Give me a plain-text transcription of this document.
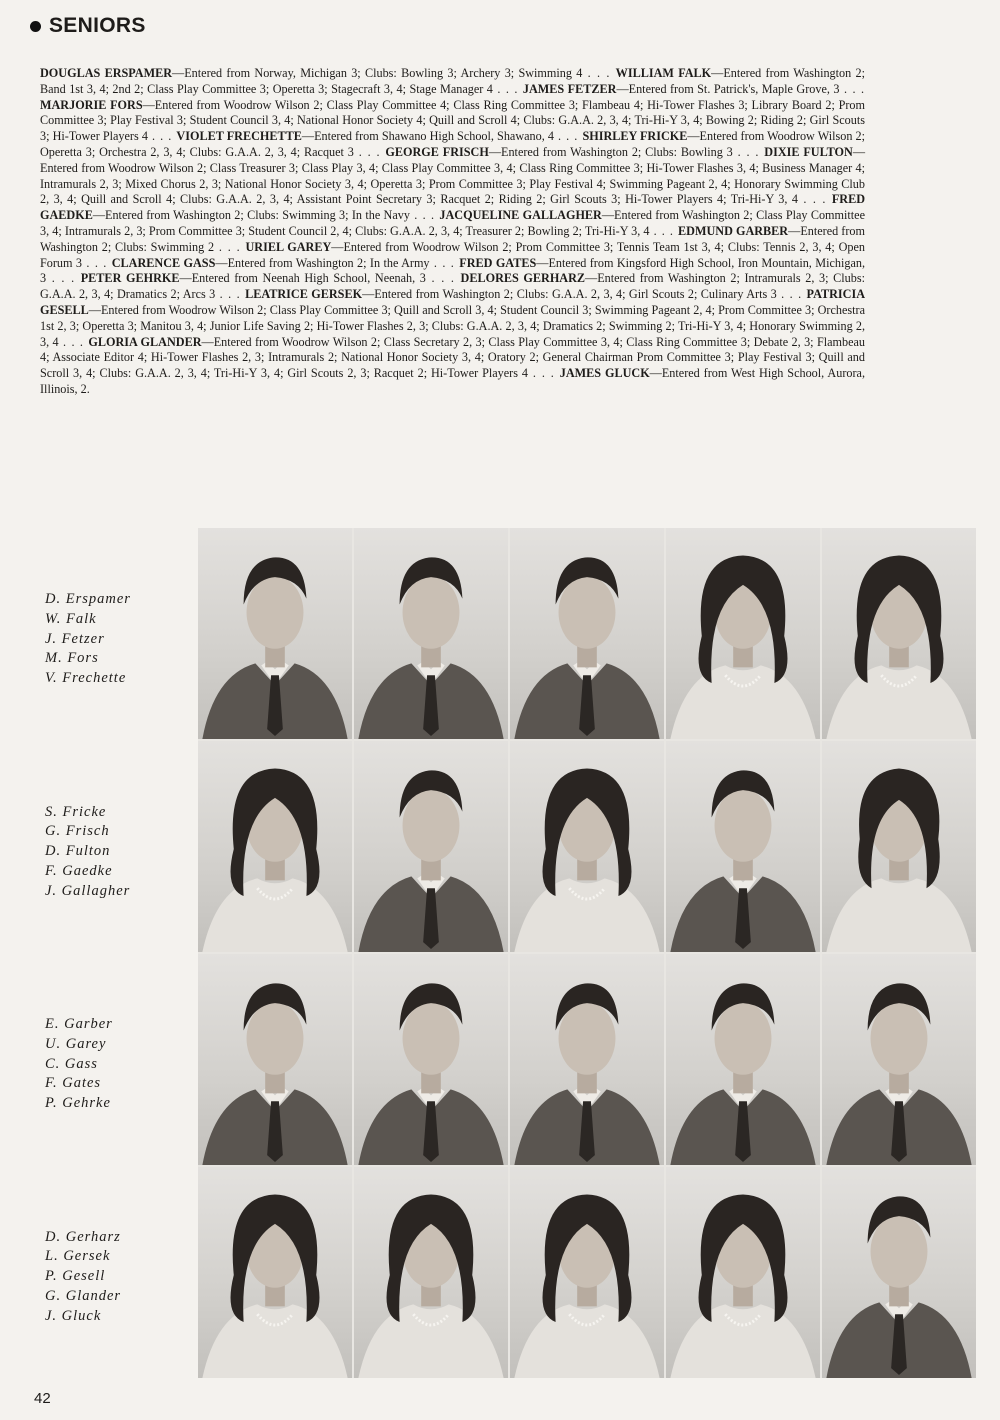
SENIORS
DOUGLAS ERSPAMER—Entered from Norway, Michigan 3; Clubs: Bowling 3; Archery 3; Swimming 4 . . . WILLIAM FALK—Entered from Washington 2; Band 1st 3, 4; 2nd 2; Class Play Committee 3; Operetta 3; Stagecraft 3, 4; Stage Manager 4 . . . JAMES FETZER—Entered from St. Patrick's, Maple Grove, 3 . . . MARJORIE FORS—Entered from Woodrow Wilson 2; Class Play Committee 4; Class Ring Committee 3; Flambeau 4; Hi-Tower Flashes 3; Library Board 2; Prom Committee 3; Play Festival 3; Student Council 3, 4; National Honor Society 4; Quill and Scroll 4; Clubs: G.A.A. 2, 3, 4; Tri-Hi-Y 3, 4; Bowing 2; Riding 2; Girl Scouts 3; Hi-Tower Players 4 . . . VIOLET FRECHETTE—Entered from Shawano High School, Shawano, 4 . . . SHIRLEY FRICKE—Entered from Woodrow Wilson 2; Operetta 3; Orchestra 2, 3, 4; Clubs: G.A.A. 2, 3, 4; Racquet 3 . . . GEORGE FRISCH—Entered from Washington 2; Clubs: Bowling 3 . . . DIXIE FULTON—Entered from Woodrow Wilson 2; Class Treasurer 3; Class Play 3, 4; Class Play Committee 3, 4; Class Ring Committee 3; Hi-Tower Flashes 3, 4; Business Manager 4; Intramurals 2, 3; Mixed Chorus 2, 3; National Honor Society 3, 4; Operetta 3; Prom Committee 3; Play Festival 4; Swimming Pageant 2, 4; Honorary Swimming Club 2, 3, 4; Quill and Scroll 4; Clubs: G.A.A. 2, 3, 4; Assistant Point Secretary 3; Racquet 2; Riding 2; Girl Scouts 3; Hi-Tower Players 4; Tri-Hi-Y 3, 4 . . . FRED GAEDKE—Entered from Washington 2; Clubs: Swimming 3; In the Navy . . . JACQUELINE GALLAGHER—Entered from Washington 2; Class Play Committee 3, 4; Intramurals 2, 3; Prom Committee 3; Student Council 2, 4; Clubs: G.A.A. 2, 3, 4; Treasurer 2; Bowling 2; Tri-Hi-Y 3, 4 . . . EDMUND GARBER—Entered from Washington 2; Clubs: Swimming 2 . . . URIEL GAREY—Entered from Woodrow Wilson 2; Prom Committee 3; Tennis Team 1st 3, 4; Clubs: Tennis 2, 3, 4; Open Forum 3 . . . CLARENCE GASS—Entered from Washington 2; In the Army . . . FRED GATES—Entered from Kingsford High School, Iron Mountain, Michigan, 3 . . . PETER GEHRKE—Entered from Neenah High School, Neenah, 3 . . . DELORES GERHARZ—Entered from Washington 2; Intramurals 2, 3; Clubs: G.A.A. 2, 3, 4; Dramatics 2; Arcs 3 . . . LEATRICE GERSEK—Entered from Washington 2; Clubs: G.A.A. 2, 3, 4; Girl Scouts 2; Culinary Arts 3 . . . PATRICIA GESELL—Entered from Woodrow Wilson 2; Class Play Committee 3; Quill and Scroll 3, 4; Student Council 3; Swimming Pageant 2, 4; Prom Committee 3; Orchestra 1st 2, 3; Operetta 3; Manitou 3, 4; Junior Life Saving 2; Hi-Tower Flashes 2, 3; Clubs: G.A.A. 2, 3, 4; Dramatics 2; Swimming 2; Tri-Hi-Y 3, 4; Honorary Swimming 2, 3, 4 . . . GLORIA GLANDER—Entered from Woodrow Wilson 2; Class Secretary 2, 3; Class Play Committee 3, 4; Class Ring Committee 3; Debate 2, 3; Flambeau 4; Associate Editor 4; Hi-Tower Flashes 2, 3; Intramurals 2; National Honor Society 3, 4; Oratory 2; General Chairman Prom Committee 3; Play Festival 3; Quill and Scroll 3, 4; Clubs: G.A.A. 2, 3, 4; Tri-Hi-Y 3, 4; Girl Scouts 2, 3; Racquet 2; Hi-Tower Players 4 . . . JAMES GLUCK—Entered from West High School, Aurora, Illinois, 2.
D. Erspamer
W. Falk
J. Fetzer
M. Fors
V. Frechette
S. Fricke
G. Frisch
D. Fulton
F. Gaedke
J. Gallagher
E. Garber
U. Garey
C. Gass
F. Gates
P. Gehrke
D. Gerharz
L. Gersek
P. Gesell
G. Glander
J. Gluck
42
